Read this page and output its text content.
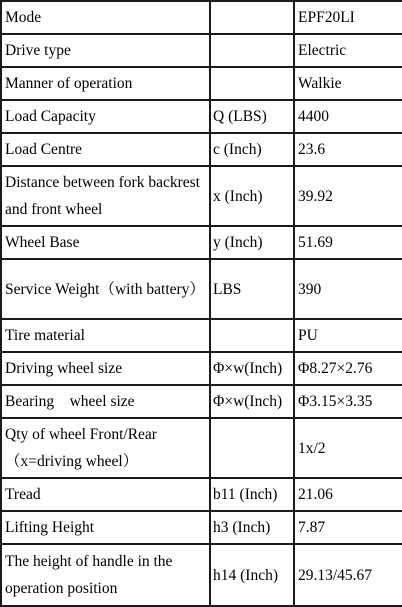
Mode		EPF20LI
Drive type		Electric
Manner of operation		Walkie
Load Capacity	Q (LBS)	4400
Load Centre	c (Inch)	23.6
Distance between fork backrest and front wheel	x (Inch)	39.92
Wheel Base	y (Inch)	51.69
Service Weight（with battery）	LBS	390
Tire material		PU
Driving wheel size	Φ×w(Inch)	Φ8.27×2.76
Bearing　wheel size	Φ×w(Inch)	Φ3.15×3.35
Qty of wheel Front/Rear（x=driving wheel）		1x/2
Tread	b11 (Inch)	21.06
Lifting Height	h3 (Inch)	7.87
The height of handle in the operation position	h14 (Inch)	29.13/45.67
